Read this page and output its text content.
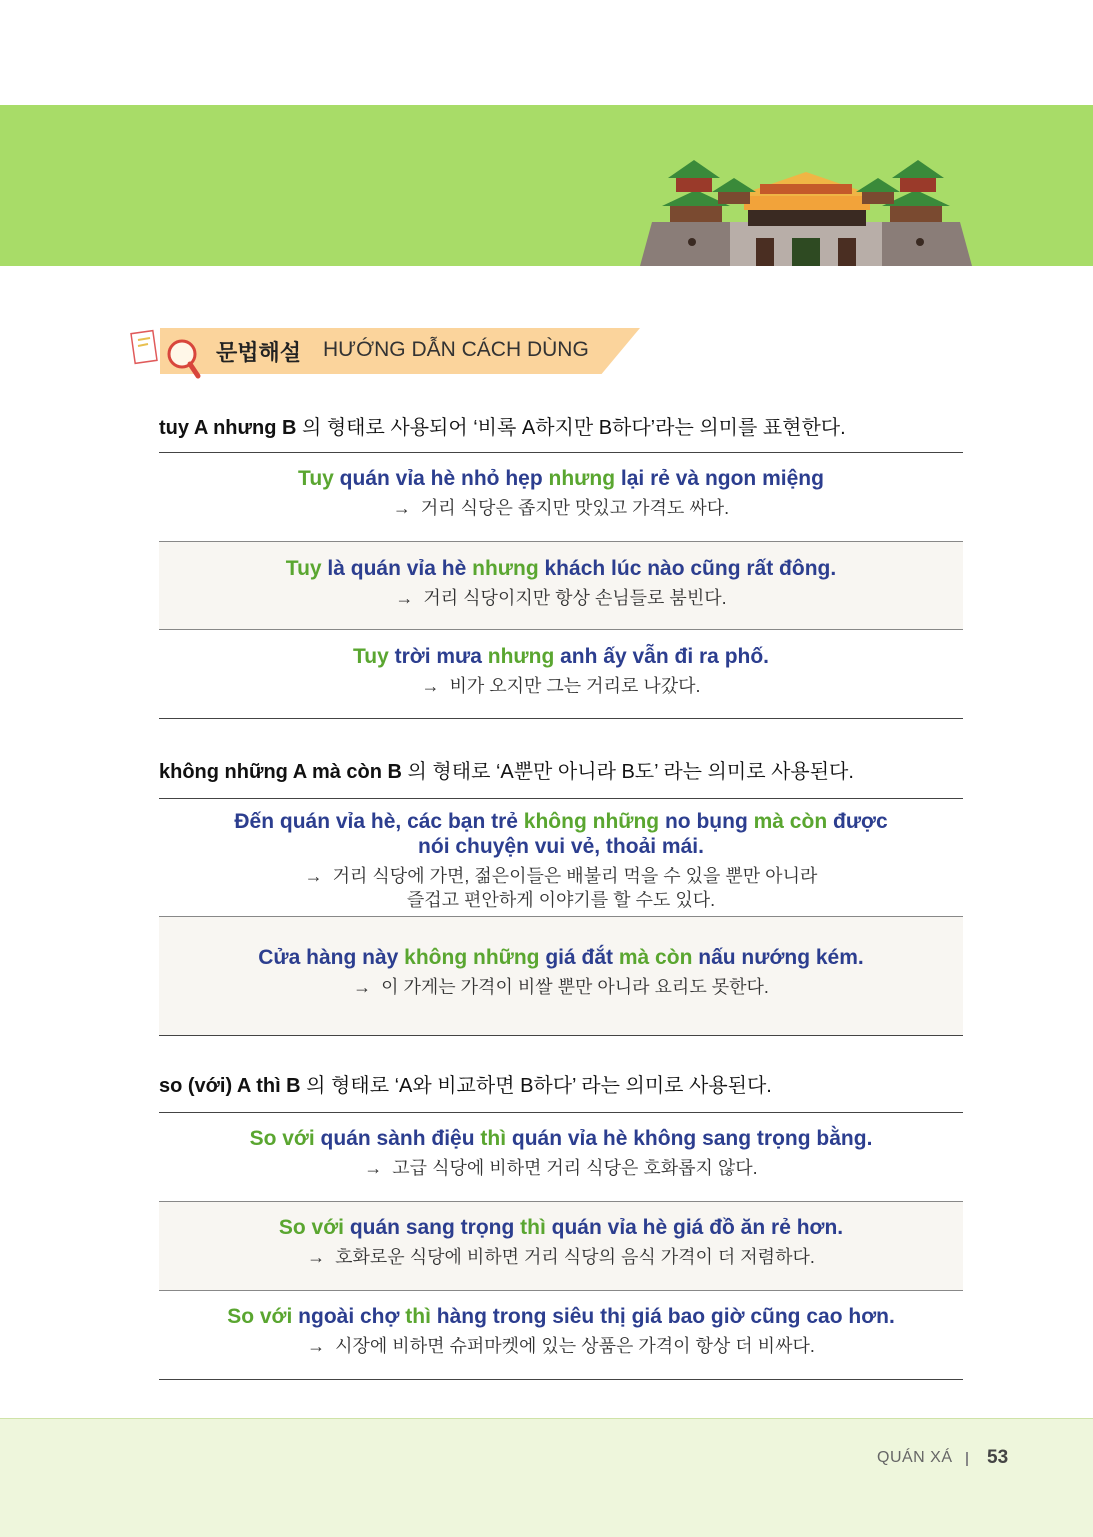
문법해설 HƯỚNG DẪN CÁCH DÙNG
tuy A nhưng B 의 형태로 사용되어 ‘비록 A하지만 B하다’라는 의미를 표현한다.
Tuy quán vỉa hè nhỏ hẹp nhưng lại rẻ và ngon miệng
→ 거리 식당은 좁지만 맛있고 가격도 싸다.
Tuy là quán vỉa hè nhưng khách lúc nào cũng rất đông.
→ 거리 식당이지만 항상 손님들로 붐빈다.
Tuy trời mưa nhưng anh ấy vẫn đi ra phố.
→ 비가 오지만 그는 거리로 나갔다.
không những A mà còn B 의 형태로 ‘A뿐만 아니라 B도’ 라는 의미로 사용된다.
Đến quán vỉa hè, các bạn trẻ không những no bụng mà còn được
nói chuyện vui vẻ, thoải mái.
→ 거리 식당에 가면, 젊은이들은 배불리 먹을 수 있을 뿐만 아니라
즐겁고 편안하게 이야기를 할 수도 있다.
Cửa hàng này không những giá đắt mà còn nấu nướng kém.
→ 이 가게는 가격이 비쌀 뿐만 아니라 요리도 못한다.
so (với) A thì B 의 형태로 ‘A와 비교하면 B하다’ 라는 의미로 사용된다.
So với quán sành điệu thì quán vỉa hè không sang trọng bằng.
→ 고급 식당에 비하면 거리 식당은 호화롭지 않다.
So với quán sang trọng thì quán vỉa hè giá đồ ăn rẻ hơn.
→ 호화로운 식당에 비하면 거리 식당의 음식 가격이 더 저렴하다.
So với ngoài chợ thì hàng trong siêu thị giá bao giờ cũng cao hơn.
→ 시장에 비하면 슈퍼마켓에 있는 상품은 가격이 항상 더 비싸다.
QUÁN XÁ 53
